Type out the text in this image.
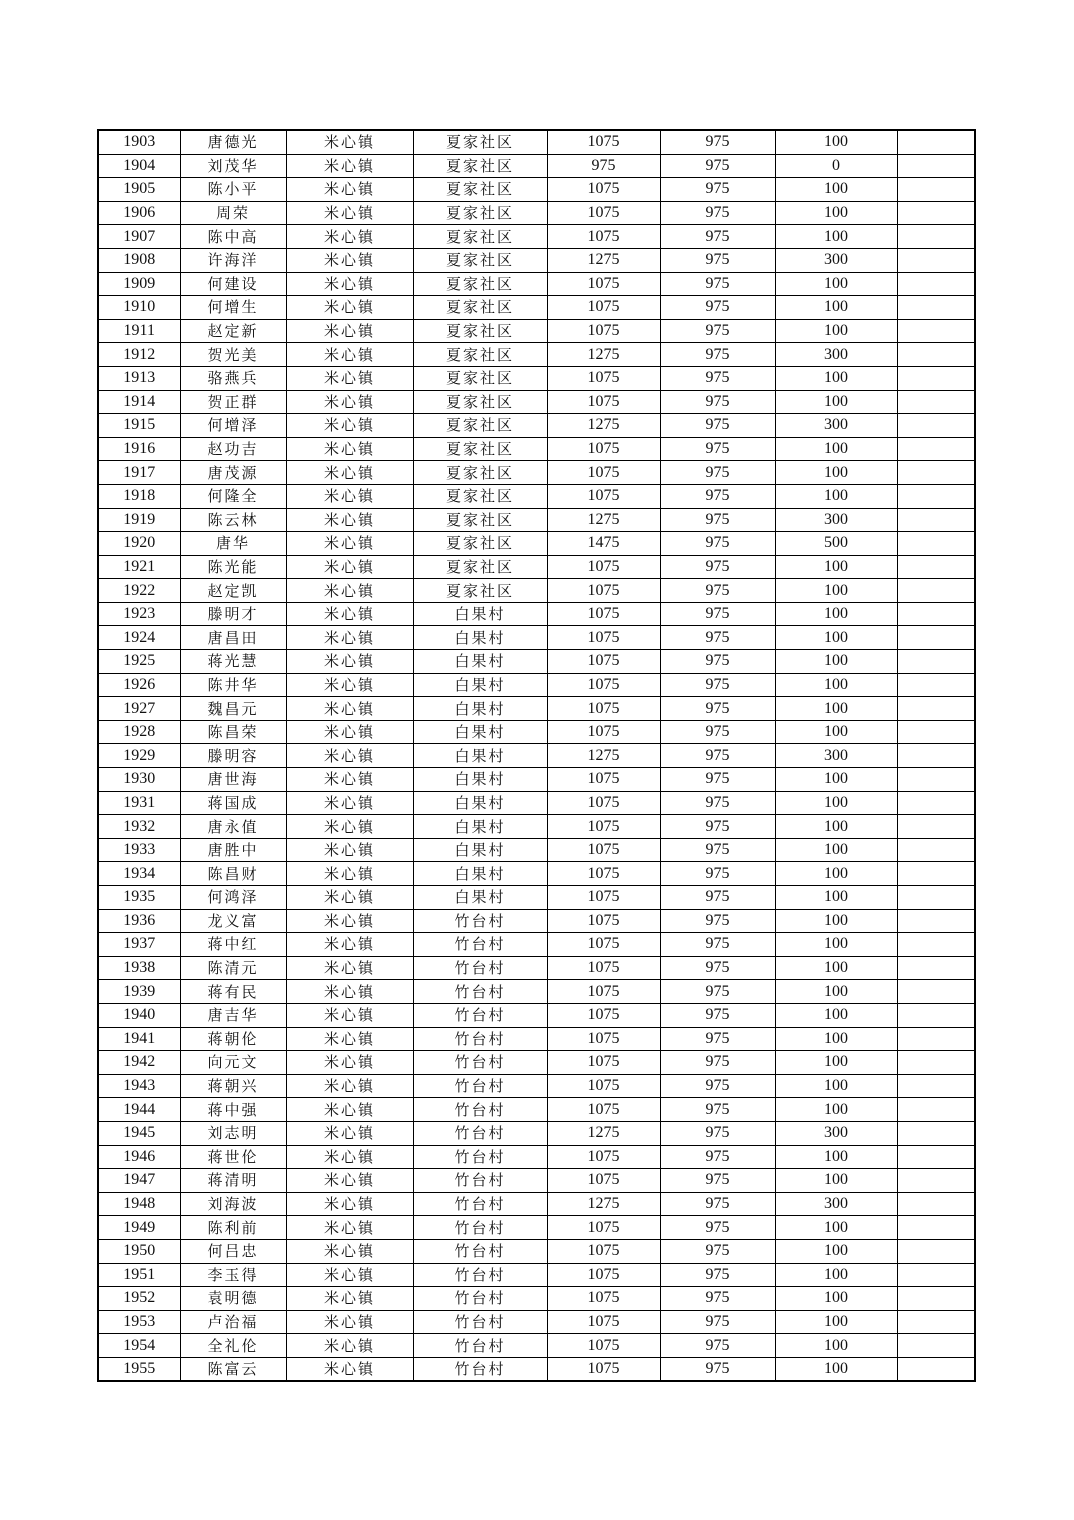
1903	唐德光	米心镇	夏家社区	1075	975	100	
1904	刘茂华	米心镇	夏家社区	975	975	0	
1905	陈小平	米心镇	夏家社区	1075	975	100	
1906	周荣	米心镇	夏家社区	1075	975	100	
1907	陈中高	米心镇	夏家社区	1075	975	100	
1908	许海洋	米心镇	夏家社区	1275	975	300	
1909	何建设	米心镇	夏家社区	1075	975	100	
1910	何增生	米心镇	夏家社区	1075	975	100	
1911	赵定新	米心镇	夏家社区	1075	975	100	
1912	贺光美	米心镇	夏家社区	1275	975	300	
1913	骆燕兵	米心镇	夏家社区	1075	975	100	
1914	贺正群	米心镇	夏家社区	1075	975	100	
1915	何增泽	米心镇	夏家社区	1275	975	300	
1916	赵功吉	米心镇	夏家社区	1075	975	100	
1917	唐茂源	米心镇	夏家社区	1075	975	100	
1918	何隆全	米心镇	夏家社区	1075	975	100	
1919	陈云林	米心镇	夏家社区	1275	975	300	
1920	唐华	米心镇	夏家社区	1475	975	500	
1921	陈光能	米心镇	夏家社区	1075	975	100	
1922	赵定凯	米心镇	夏家社区	1075	975	100	
1923	滕明才	米心镇	白果村	1075	975	100	
1924	唐昌田	米心镇	白果村	1075	975	100	
1925	蒋光慧	米心镇	白果村	1075	975	100	
1926	陈井华	米心镇	白果村	1075	975	100	
1927	魏昌元	米心镇	白果村	1075	975	100	
1928	陈昌荣	米心镇	白果村	1075	975	100	
1929	滕明容	米心镇	白果村	1275	975	300	
1930	唐世海	米心镇	白果村	1075	975	100	
1931	蒋国成	米心镇	白果村	1075	975	100	
1932	唐永值	米心镇	白果村	1075	975	100	
1933	唐胜中	米心镇	白果村	1075	975	100	
1934	陈昌财	米心镇	白果村	1075	975	100	
1935	何鸿泽	米心镇	白果村	1075	975	100	
1936	龙义富	米心镇	竹台村	1075	975	100	
1937	蒋中红	米心镇	竹台村	1075	975	100	
1938	陈清元	米心镇	竹台村	1075	975	100	
1939	蒋有民	米心镇	竹台村	1075	975	100	
1940	唐吉华	米心镇	竹台村	1075	975	100	
1941	蒋朝伦	米心镇	竹台村	1075	975	100	
1942	向元文	米心镇	竹台村	1075	975	100	
1943	蒋朝兴	米心镇	竹台村	1075	975	100	
1944	蒋中强	米心镇	竹台村	1075	975	100	
1945	刘志明	米心镇	竹台村	1275	975	300	
1946	蒋世伦	米心镇	竹台村	1075	975	100	
1947	蒋清明	米心镇	竹台村	1075	975	100	
1948	刘海波	米心镇	竹台村	1275	975	300	
1949	陈利前	米心镇	竹台村	1075	975	100	
1950	何吕忠	米心镇	竹台村	1075	975	100	
1951	李玉得	米心镇	竹台村	1075	975	100	
1952	袁明德	米心镇	竹台村	1075	975	100	
1953	卢治福	米心镇	竹台村	1075	975	100	
1954	全礼伦	米心镇	竹台村	1075	975	100	
1955	陈富云	米心镇	竹台村	1075	975	100	
